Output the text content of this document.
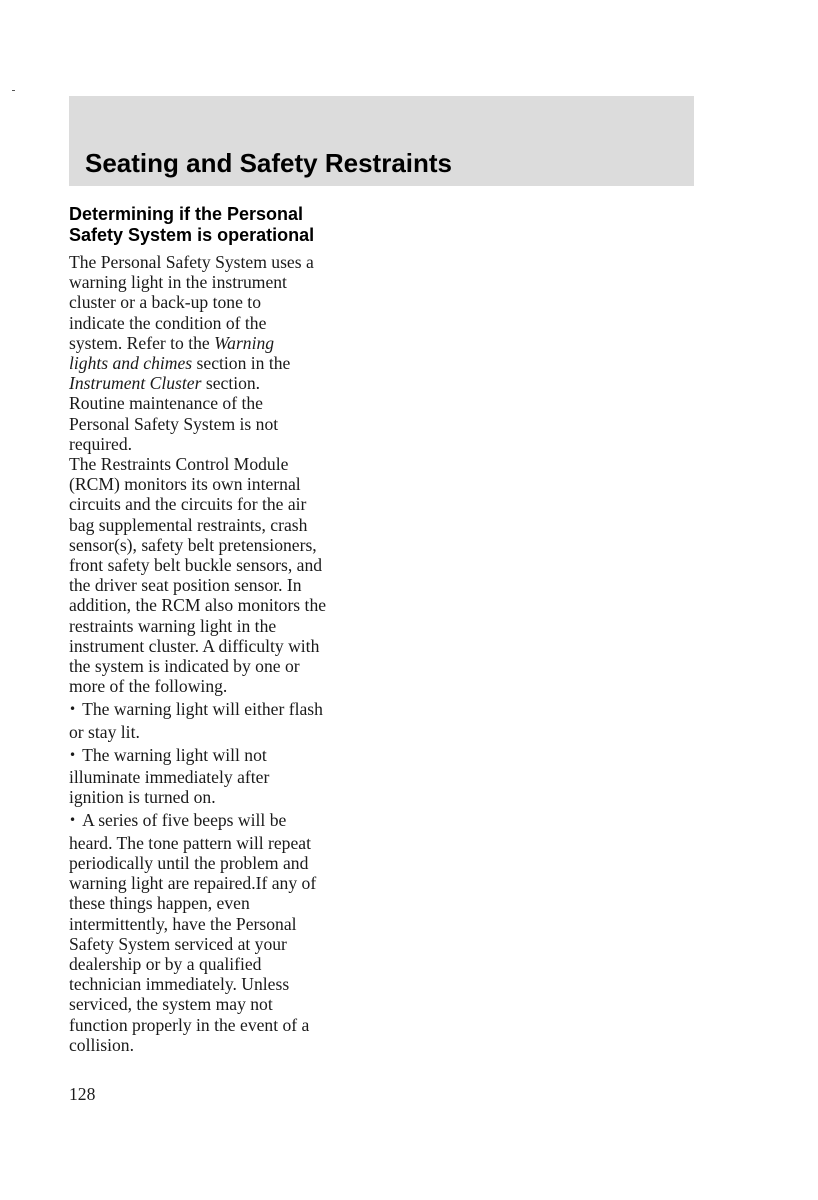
Seating and Safety Restraints
Determining if the Personal
Safety System is operational

The Personal Safety System uses a
warning light in the instrument
cluster or a back-up tone to
indicate the condition of the
system. Refer to the Warning
lights and chimes section in the
Instrument Cluster section.
Routine maintenance of the
Personal Safety System is not
required.

The Restraints Control Module
(RCM) monitors its own internal
circuits and the circuits for the air
bag supplemental restraints, crash
sensor(s), safety belt pretensioners,
front safety belt buckle sensors, and
the driver seat position sensor. In
addition, the RCM also monitors the
restraints warning light in the
instrument cluster. A difficulty with
the system is indicated by one or
more of the following.

• The warning light will either flash
or stay lit.

• The warning light will not
illuminate immediately after
ignition is turned on.

• A series of five beeps will be
heard. The tone pattern will repeat
periodically until the problem and
warning light are repaired.If any of
these things happen, even
intermittently, have the Personal
Safety System serviced at your
dealership or by a qualified
technician immediately. Unless
serviced, the system may not
function properly in the event of a
collision.

128
